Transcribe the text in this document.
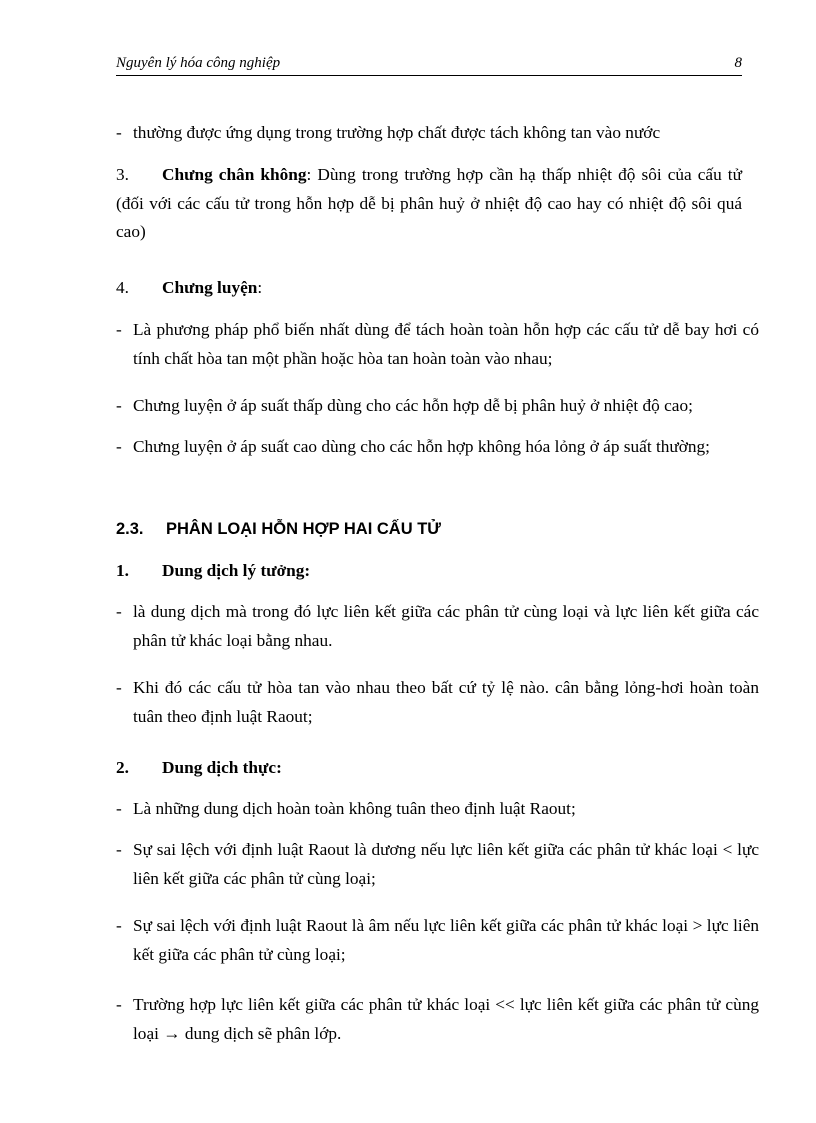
Nguyên lý hóa công nghiệp	8
- thường được ứng dụng trong trường hợp chất được tách không tan vào nước
3. Chưng chân không: Dùng trong trường hợp cần hạ thấp nhiệt độ sôi của cấu tử (đối với các cấu tử trong hỗn hợp dễ bị phân huỷ ở nhiệt độ cao hay có nhiệt độ sôi quá cao)
4. Chưng luyện:
- Là phương pháp phổ biến nhất dùng để tách hoàn toàn hỗn hợp các cấu tử dễ bay hơi có tính chất hòa tan một phần hoặc hòa tan hoàn toàn vào nhau;
- Chưng luyện ở áp suất thấp dùng cho các hỗn hợp dễ bị phân huỷ ở nhiệt độ cao;
- Chưng luyện ở áp suất cao dùng cho các hỗn hợp không hóa lỏng ở áp suất thường;
2.3. PHÂN LOẠI HỖN HỢP HAI CẤU TỬ
1. Dung dịch lý tưởng:
- là dung dịch mà trong đó lực liên kết giữa các phân tử cùng loại và lực liên kết giữa các phân tử khác loại bằng nhau.
- Khi đó các cấu tử hòa tan vào nhau theo bất cứ tỷ lệ nào. cân bằng lỏng-hơi hoàn toàn tuân theo định luật Raout;
2. Dung dịch thực:
- Là những dung dịch hoàn toàn không tuân theo định luật Raout;
- Sự sai lệch với định luật Raout là dương nếu lực liên kết giữa các phân tử khác loại < lực liên kết giữa các phân tử cùng loại;
- Sự sai lệch với định luật Raout là âm nếu lực liên kết giữa các phân tử khác loại > lực liên kết giữa các phân tử cùng loại;
- Trường hợp lực liên kết giữa các phân tử khác loại << lực liên kết giữa các phân tử cùng loại → dung dịch sẽ phân lớp.
